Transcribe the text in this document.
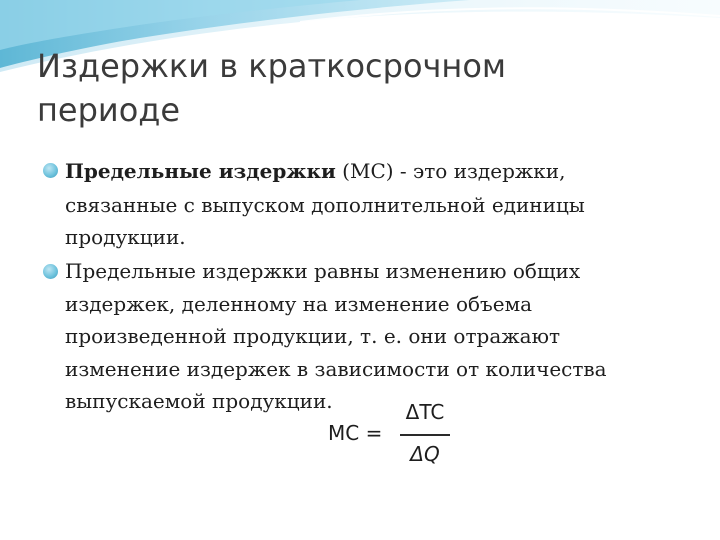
Издержки в краткосрочном
периоде
Предельные издержки (МС) - это издержки,
связанные с выпуском дополнительной единицы
продукции.
Предельные издержки равны изменению общих
издержек, деленному на изменение объема
произведенной продукции, т. е. они отражают
изменение издержек в зависимости от количества
выпускаемой продукции.
МС =
ΔTC
ΔQ
